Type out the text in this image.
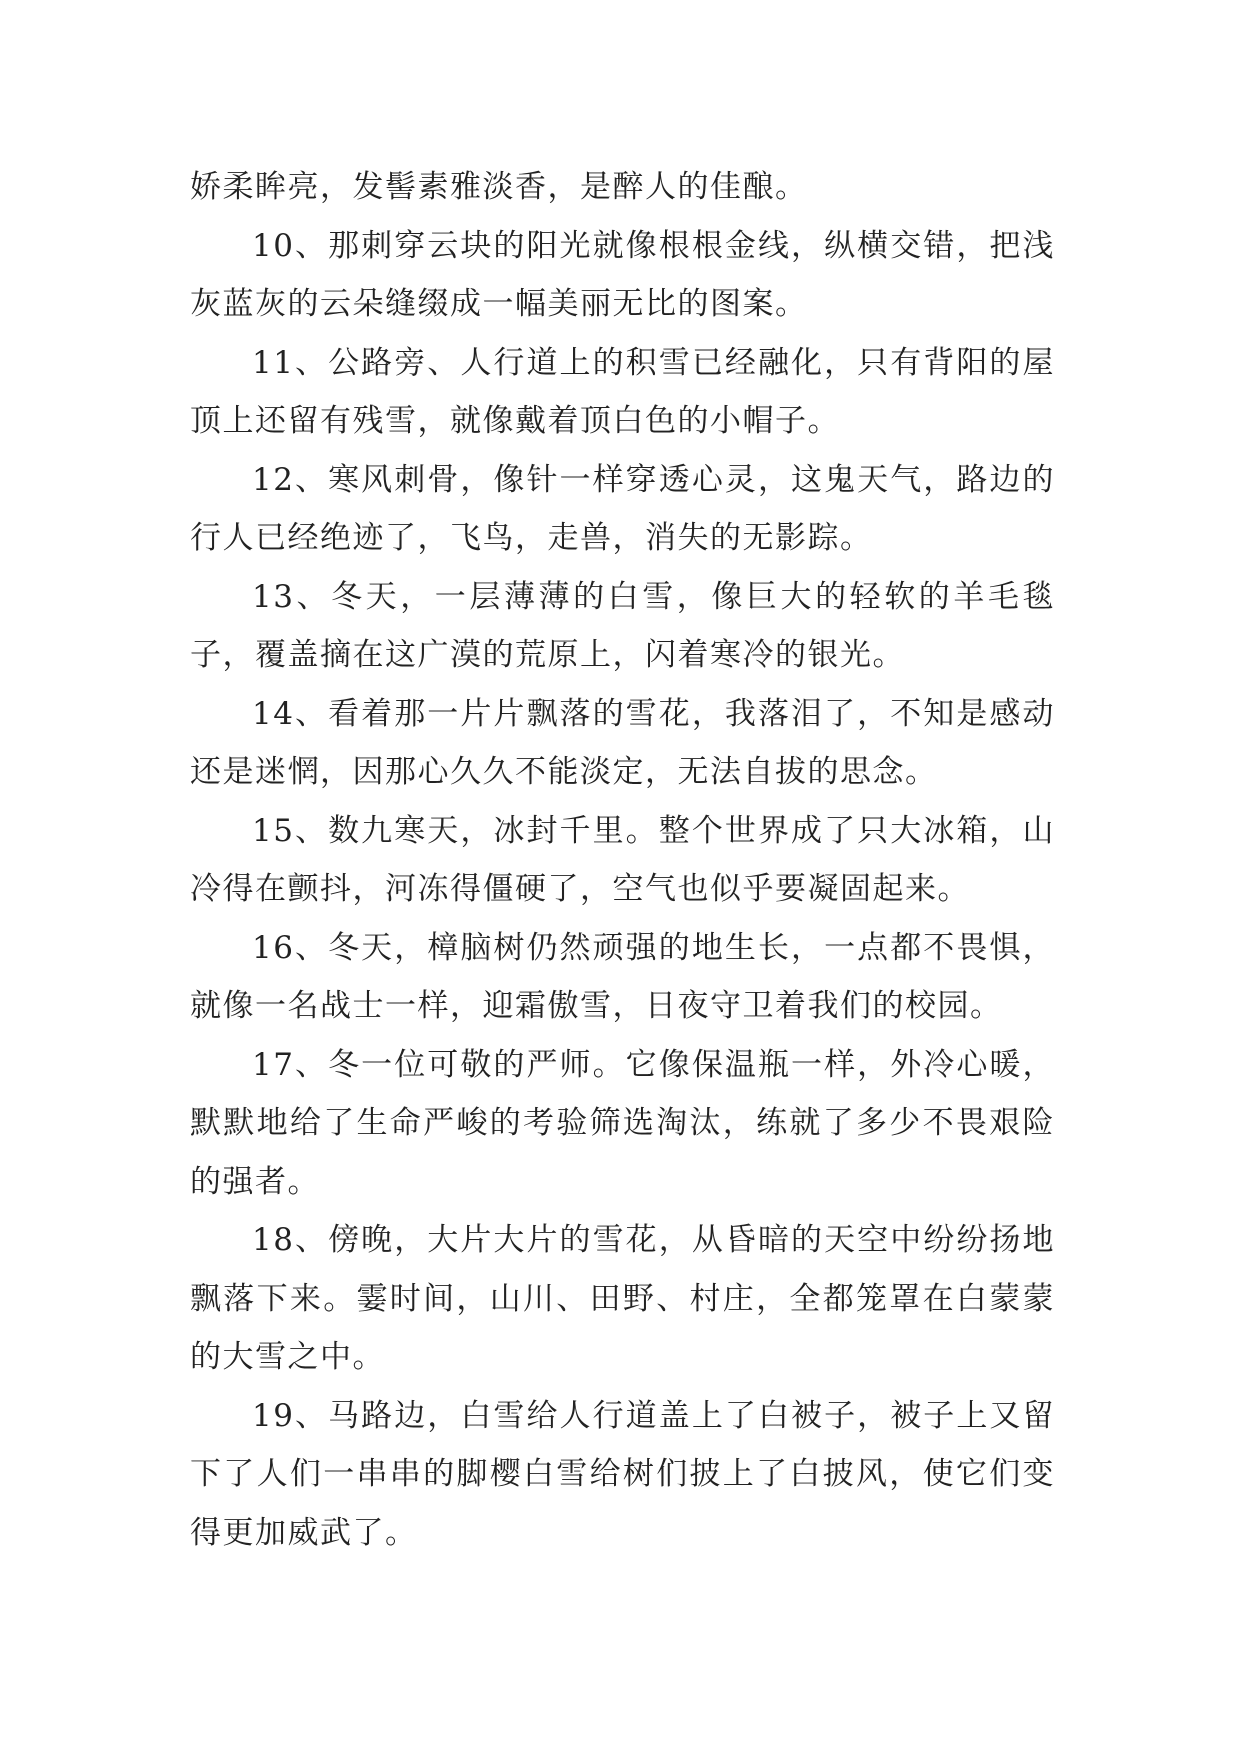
娇柔眸亮，发髻素雅淡香，是醉人的佳酿。

10、那刺穿云块的阳光就像根根金线，纵横交错，把浅灰蓝灰的云朵缝缀成一幅美丽无比的图案。

11、公路旁、人行道上的积雪已经融化，只有背阳的屋顶上还留有残雪，就像戴着顶白色的小帽子。

12、寒风刺骨，像针一样穿透心灵，这鬼天气，路边的行人已经绝迹了，飞鸟，走兽，消失的无影踪。

13、冬天，一层薄薄的白雪，像巨大的轻软的羊毛毯子，覆盖摘在这广漠的荒原上，闪着寒冷的银光。

14、看着那一片片飘落的雪花，我落泪了，不知是感动还是迷惘，因那心久久不能淡定，无法自拔的思念。

15、数九寒天，冰封千里。整个世界成了只大冰箱，山冷得在颤抖，河冻得僵硬了，空气也似乎要凝固起来。

16、冬天，樟脑树仍然顽强的地生长，一点都不畏惧，就像一名战士一样，迎霜傲雪，日夜守卫着我们的校园。

17、冬一位可敬的严师。它像保温瓶一样，外冷心暖，默默地给了生命严峻的考验筛选淘汰，练就了多少不畏艰险的强者。

18、傍晚，大片大片的雪花，从昏暗的天空中纷纷扬地飘落下来。霎时间，山川、田野、村庄，全都笼罩在白蒙蒙的大雪之中。

19、马路边，白雪给人行道盖上了白被子，被子上又留下了人们一串串的脚樱白雪给树们披上了白披风，使它们变得更加威武了。
